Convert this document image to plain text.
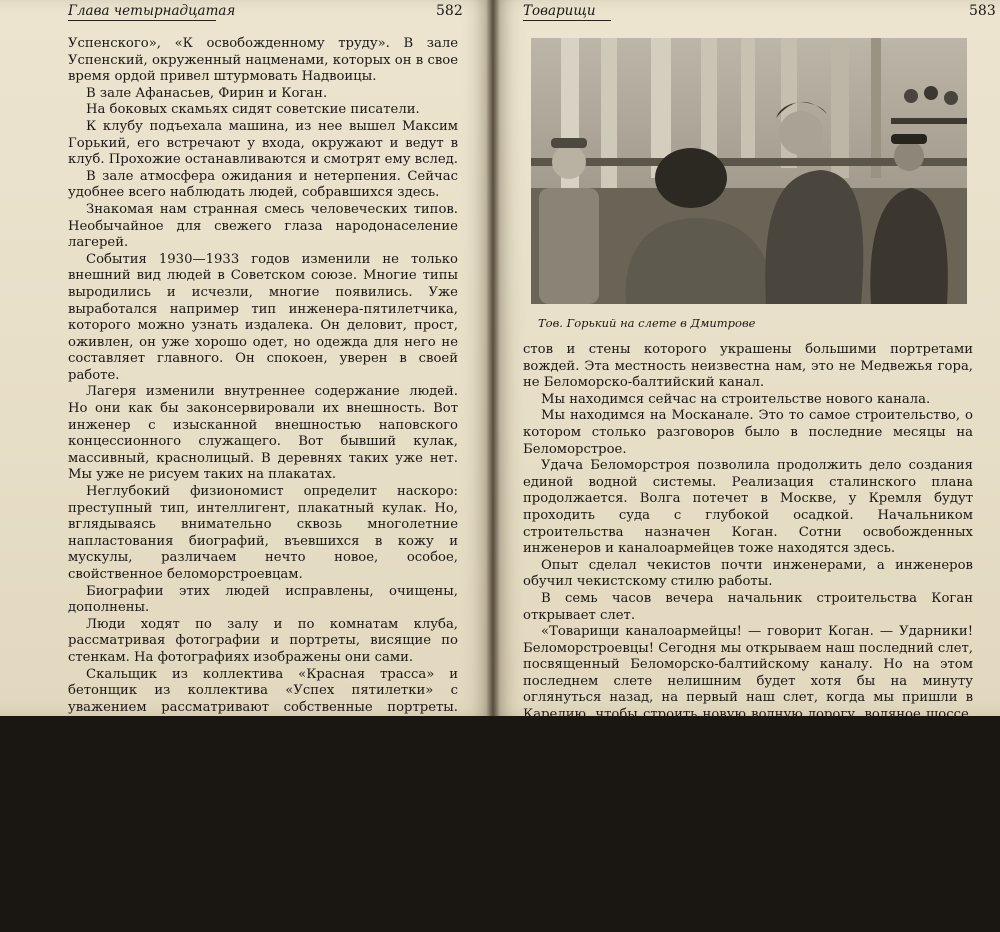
Глава четырнадцатая	582

Успенского», «К освобожденному труду». В зале Успенский, окруженный нацменами, которых он в свое время ордой привел штурмовать Надвоицы.

В зале Афанасьев, Фирин и Коган.

На боковых скамьях сидят советские писатели.

К клубу подъехала машина, из нее вышел Максим Горький, его встречают у входа, окружают и ведут в клуб. Прохожие останавливаются и смотрят ему вслед.

В зале атмосфера ожидания и нетерпения. Сейчас удобнее всего наблюдать людей, собравшихся здесь.

Знакомая нам странная смесь человеческих типов. Необычайное для свежего глаза народонаселение лагерей.

События 1930—1933 годов изменили не только внешний вид людей в Советском союзе. Многие типы выродились и исчезли, многие появились. Уже выработался например тип инженера-пятилетчика, которого можно узнать издалека. Он деловит, прост, оживлен, он уже хорошо одет, но одежда для него не составляет главного. Он спокоен, уверен в своей работе.

Лагеря изменили внутреннее содержание людей. Но они как бы законсервировали их внешность. Вот инженер с изысканной внешностью наповского концессионного служащего. Вот бывший кулак, массивный, краснолицый. В деревнях таких уже нет. Мы уже не рисуем таких на плакатах.

Неглубокий физиономист определит наскоро: преступный тип, интеллигент, плакатный кулак. Но, вглядываясь внимательно сквозь многолетние напластования биографий, въевшихся в кожу и мускулы, различаем нечто новое, особое, свойственное беломорстроевцам.

Биографии этих людей исправлены, очищены, дополнены.

Люди ходят по залу и по комнатам клуба, рассматривая фотографии и портреты, висящие по стенкам. На фотографиях изображены они сами.

Скальщик из коллектива «Красная трасса» и бетонщик из коллектива «Успех пятилетки» с уважением рассматривают собственные портреты. Портреты героичны, резко освещены, огромные лица сняты в гордых ракурсах. Скальщик и бетонщик значительно перемигиваются. Уважение к себе — новая и непривычная для них вещь, но они притворяются, что им это нипочем.

Наконец в клуб приходит оркестр. Он играет туш, и все собираются в главный зал, где на стульях лежат блокноты и карандаши для записей. Места занимают в строгом порядке — эти люди привыкли к собраниям и слетам на трассе.

Сквозь стекла клуба видны дома и улицы старого Дмитрова, дальний лес, пузатое здание монастыря, над которым нет кре-

Товарищи	583
Тов. Горький на слете в Дмитрове

стов и стены которого украшены большими портретами вождей. Эта местность неизвестна нам, это не Медвежья гора, не Беломорско-балтийский канал.

Мы находимся сейчас на строительстве нового канала.

Мы находимся на Москанале. Это то самое строительство, о котором столько разговоров было в последние месяцы на Беломорстрое.

Удача Беломорстроя позволила продолжить дело создания единой водной системы. Реализация сталинского плана продолжается. Волга потечет в Москве, у Кремля будут проходить суда с глубокой осадкой. Начальником строительства назначен Коган. Сотни освобожденных инженеров и каналоармейцев тоже находятся здесь.

Опыт сделал чекистов почти инженерами, а инженеров обучил чекистскому стилю работы.

В семь часов вечера начальник строительства Коган открывает слет.

«Товарищи каналоармейцы! — говорит Коган. — Ударники! Беломорстроевцы! Сегодня мы открываем наш последний слет, посвященный Беломорско-балтийскому каналу. Но на этом последнем слете нелишним будет хотя бы на минуту оглянуться назад, на первый наш слет, когда мы пришли в Карелию, чтобы строить новую водную дорогу, водяное шоссе, соединяющее моря».
